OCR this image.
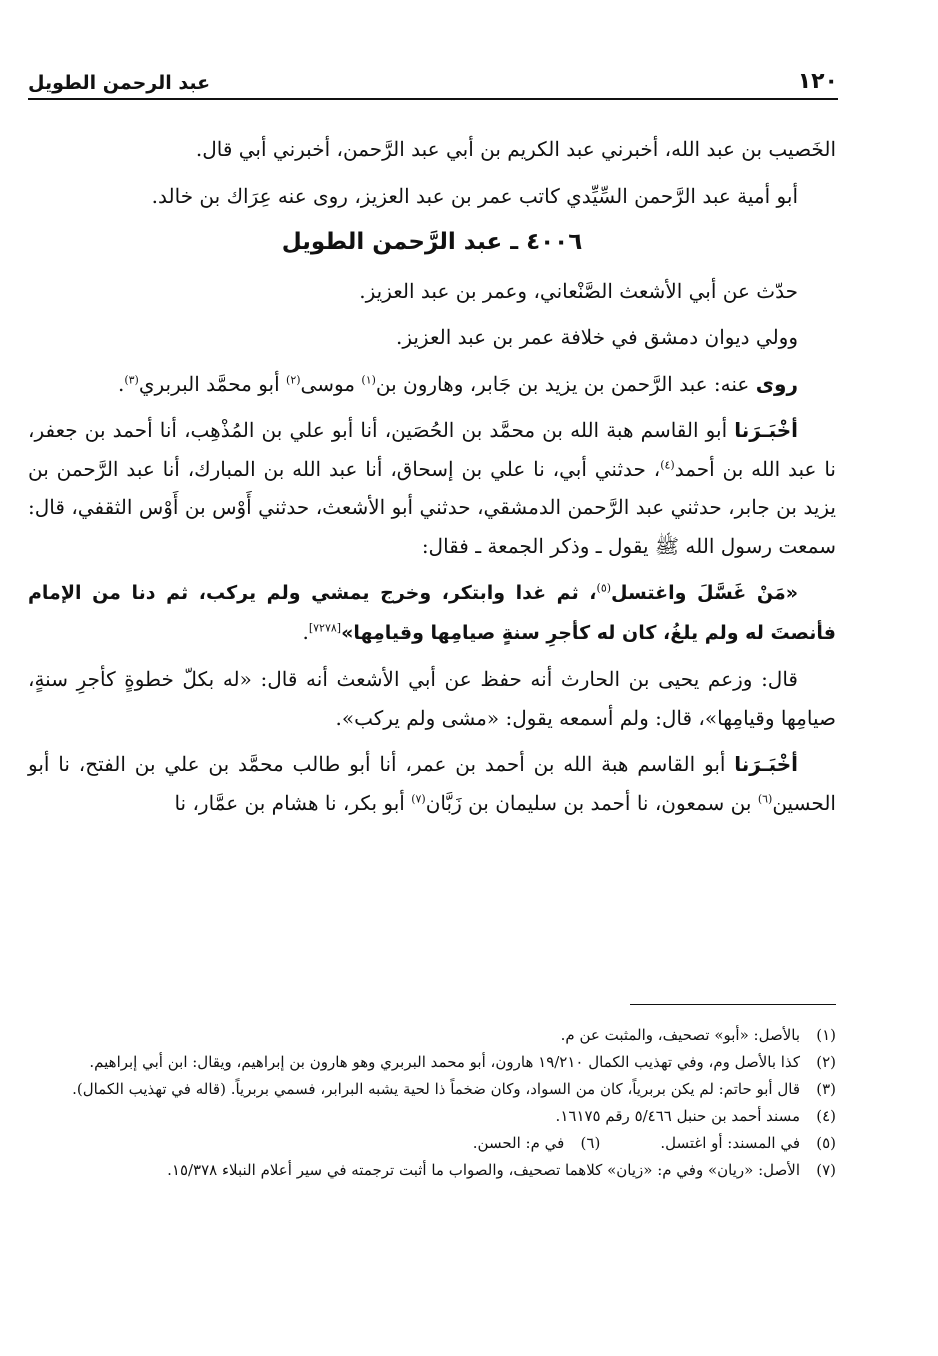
١٢٠
عبد الرحمن الطويل

الخَصيب بن عبد الله، أخبرني عبد الكريم بن أبي عبد الرَّحمن، أخبرني أبي قال.

أبو أمية عبد الرَّحمن السِّيِّدي كاتب عمر بن عبد العزيز، روى عنه عِرَاك بن خالد.

٤٠٠٦ ـ عبد الرَّحمن الطويل

حدّث عن أبي الأشعث الصَّنْعاني، وعمر بن عبد العزيز.

وولي ديوان دمشق في خلافة عمر بن عبد العزيز.

روى عنه: عبد الرَّحمن بن يزيد بن جَابر، وهارون بن$^{(١)}$ موسى$^{(٢)}$ أبو محمَّد البربري$^{(٣)}$.

أخْبَـرَنا أبو القاسم هبة الله بن محمَّد بن الحُصَين، أنا أبو علي بن المُذْهِب، أنا أحمد بن جعفر، نا عبد الله بن أحمد$^{(٤)}$، حدثني أبي، نا علي بن إسحاق، أنا عبد الله بن المبارك، أنا عبد الرَّحمن بن يزيد بن جابر، حدثني عبد الرَّحمن الدمشقي، حدثني أبو الأشعث، حدثني أَوْس بن أَوْس الثقفي، قال: سمعت رسول الله ﷺ يقول ـ وذكر الجمعة ـ فقال:

«مَنْ غَسَّلَ واغتسل$^{(٥)}$، ثم غدا وابتكر، وخرج يمشي ولم يركب، ثم دنا من الإمام فأنصتَ له ولم يلغُ، كان له كأجرِ سنةٍ صيامِها وقيامِها»[٧٢٧٨].

قال: وزعم يحيى بن الحارث أنه حفظ عن أبي الأشعث أنه قال: «له بكلّ خطوةٍ كأجرِ سنةٍ، صيامِها وقيامِها»، قال: ولم أسمعه يقول: «مشى ولم يركب».

أخْبَـرَنا أبو القاسم هبة الله بن أحمد بن عمر، أنا أبو طالب محمَّد بن علي بن الفتح، نا أبو الحسين$^{(٦)}$ بن سمعون، نا أحمد بن سليمان بن زَبَّان$^{(٧)}$ أبو بكر، نا هشام بن عمَّار، نا

(١)
بالأصل: «أبو» تصحيف، والمثبت عن م.
(٢)
كذا بالأصل وم، وفي تهذيب الكمال ١٩/٢١٠ هارون، أبو محمد البربري وهو هارون بن إبراهيم، ويقال: ابن أبي إبراهيم.
(٣)
قال أبو حاتم: لم يكن بربرياً، كان من السواد، وكان ضخماً ذا لحية يشبه البرابر، فسمي بربرياً. (قاله في تهذيب الكمال).
(٤)
مسند أحمد بن حنبل ٥/٤٦٦ رقم ١٦١٧٥.
(٥)
في المسند: أو اغتسل.
(٦)
في م: الحسن.
(٧)
الأصل: «ريان» وفي م: «زيان» كلاهما تصحيف، والصواب ما أثبت ترجمته في سير أعلام النبلاء ١٥/٣٧٨.
